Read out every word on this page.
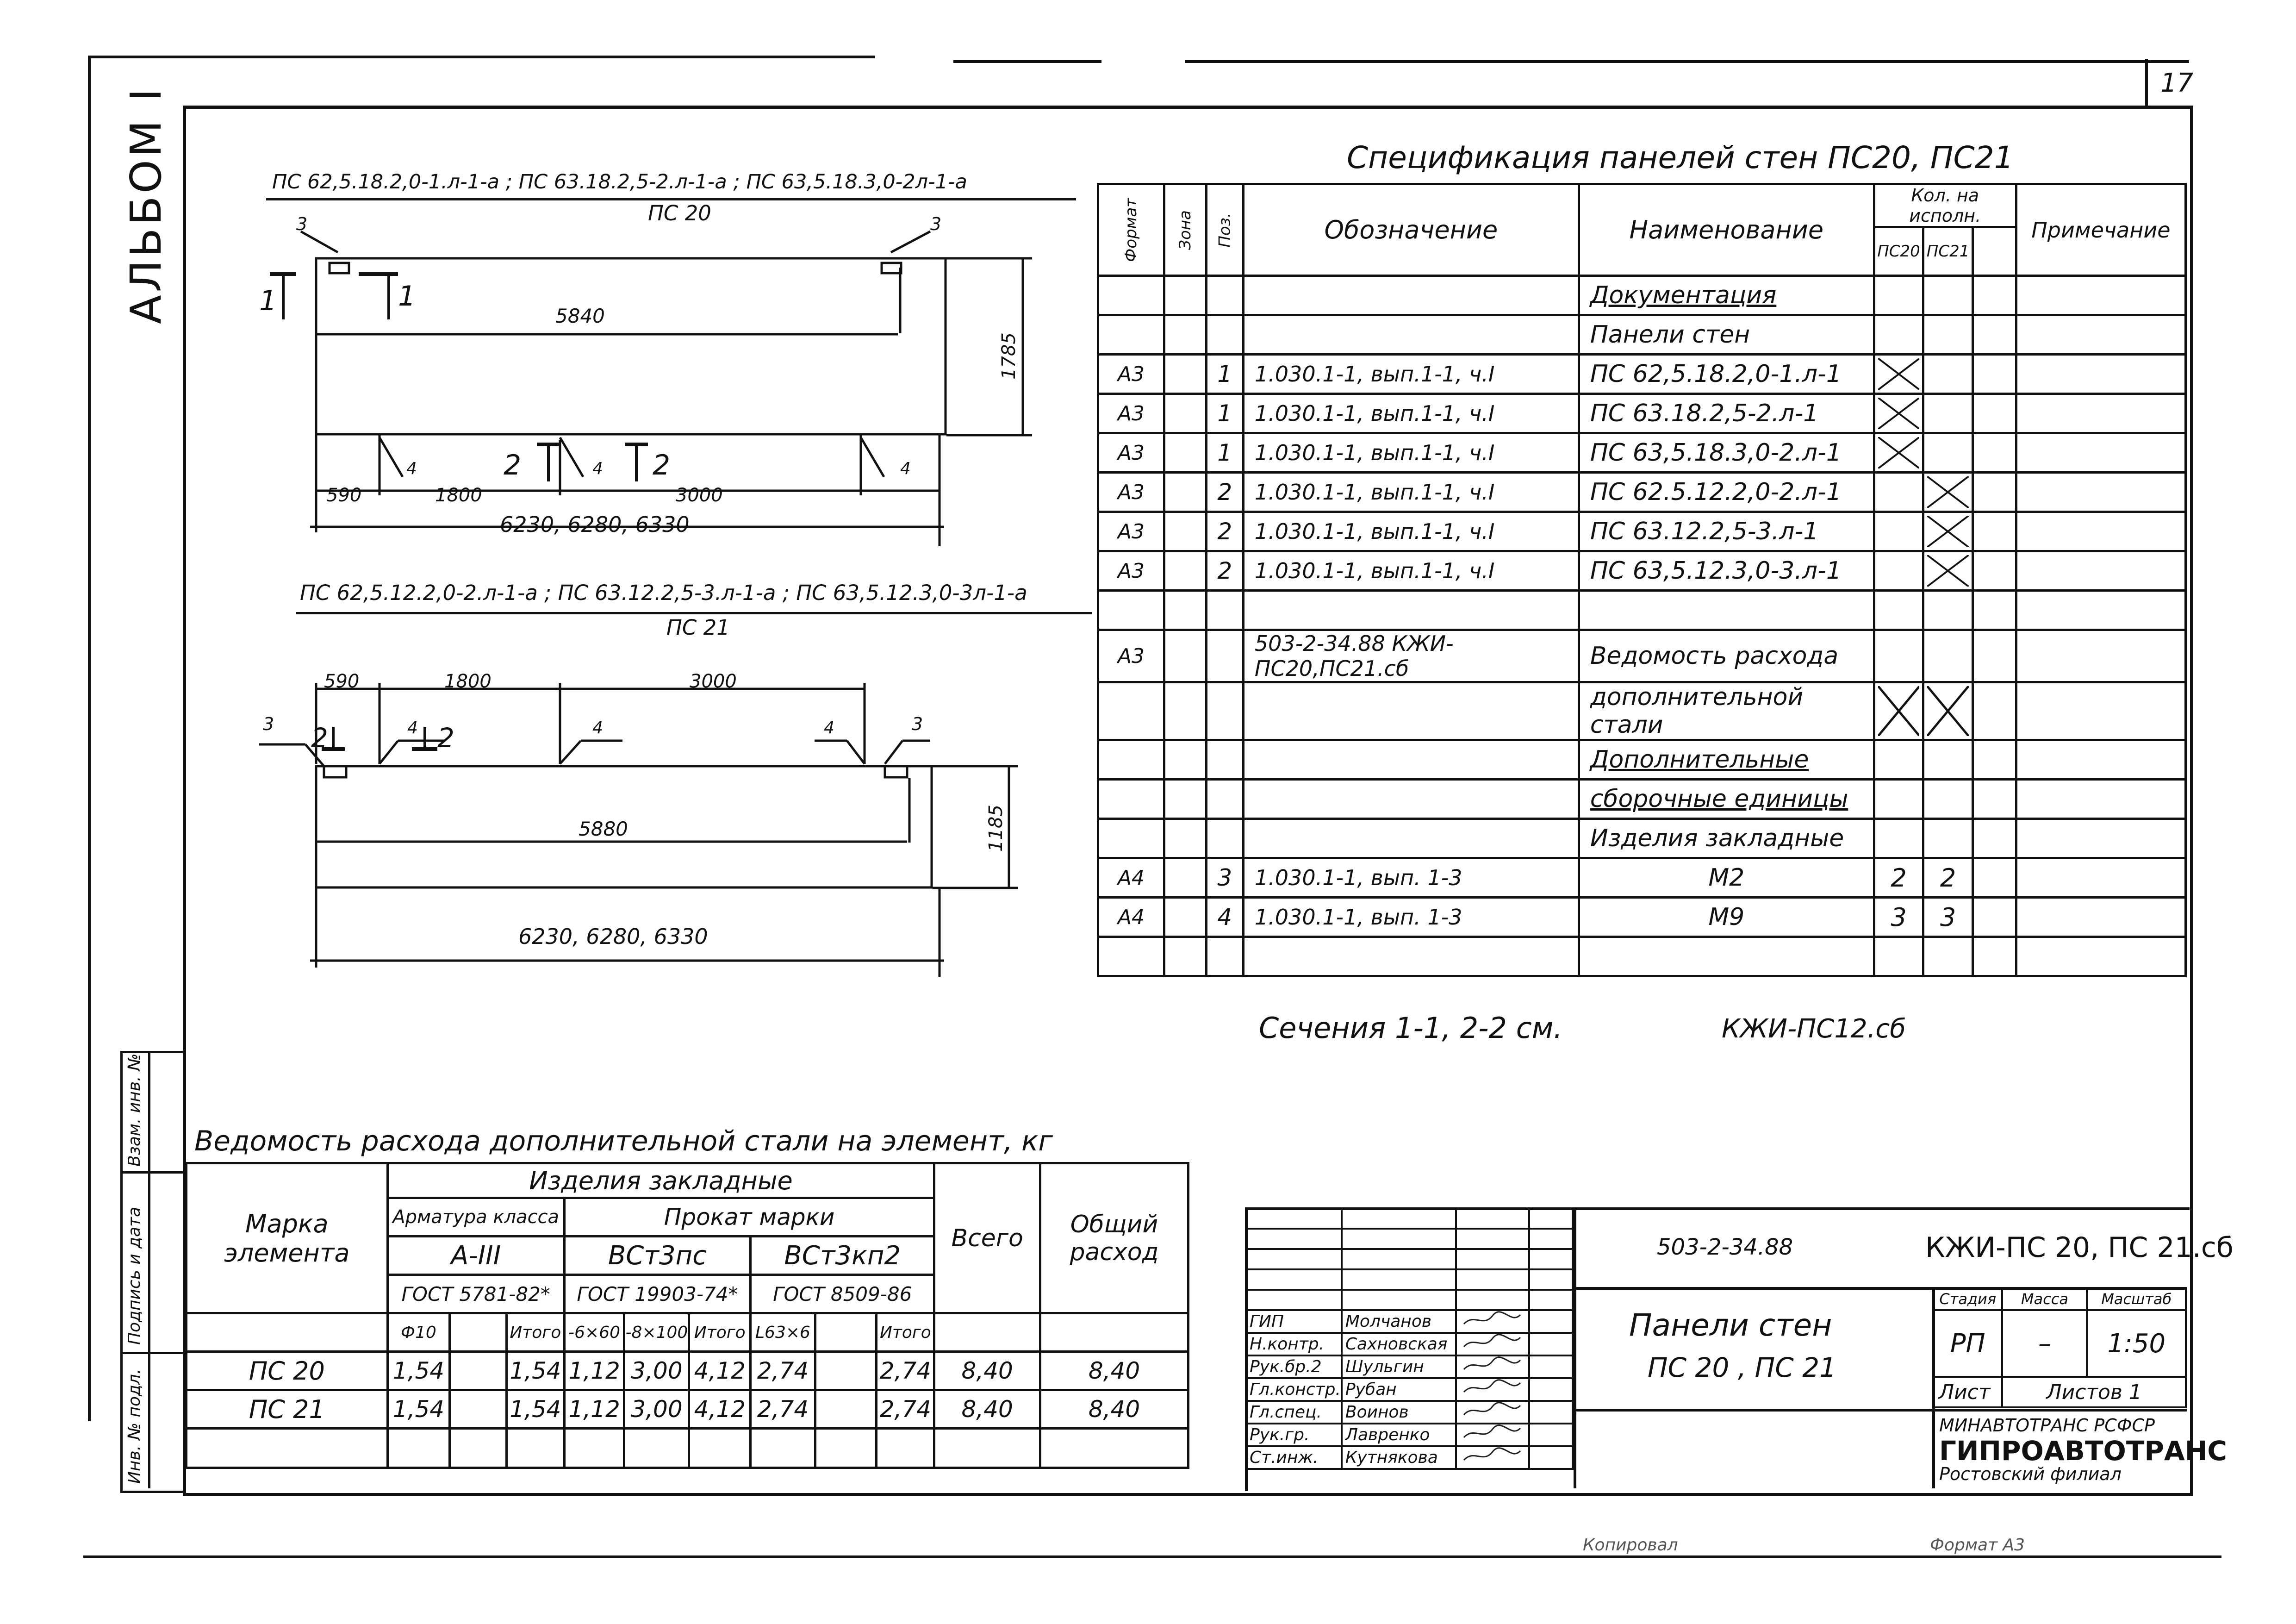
17
АЛЬБОМ I	ПС 62,5.18.2,0-1.л-1-а ; ПС 63.18.2,5-2.л-1-а ; ПС 63,5.18.3,0-2л-1-а
ПС 20
3	3
1	1
5840
1785
2	2
4	4	4
590	1800	3000
6230, 6280, 6330
ПС 62,5.12.2,0-2.л-1-а ; ПС 63.12.2,5-3.л-1-а ; ПС 63,5.12.3,0-3л-1-а
ПС 21
590	1800	3000
3 2	2
4	4	4	3
5880	1185
6230, 6280, 6330
Спецификация панелей стен ПС20, ПС21
Формат	Зона	Поз.	Обозначение	Наименование	Кол. на исполн.			Примечание
					ПС20	ПС21		
				Документация				
				Панели стен				
А3		1	1.030.1-1, вып.1-1, ч.I	ПС 62,5.18.2,0-1.л-1	

А3		1	1.030.1-1, вып.1-1, ч.I	ПС 63.18.2,5-2.л-1	

А3		1	1.030.1-1, вып.1-1, ч.I	ПС 63,5.18.3,0-2.л-1	

А3		2	1.030.1-1, вып.1-1, ч.I	ПС 62.5.12.2,0-2.л-1		

А3		2	1.030.1-1, вып.1-1, ч.I	ПС 63.12.2,5-3.л-1		

А3		2	1.030.1-1, вып.1-1, ч.I	ПС 63,5.12.3,0-3.л-1		

А3			503-2-34.88 КЖИ-ПС20,ПС21.сб	Ведомость расхода				
				дополнительной стали	

				Дополнительные				
				сборочные единицы				
				Изделия закладные				
А4		3	1.030.1-1, вып. 1-3	М2	2	2		
А4		4	1.030.1-1, вып. 1-3	М9	3	3		

Сечения 1-1, 2-2 см.	КЖИ-ПС12.сб
Инв. № подл.
Подпись и дата
Взам. инв. № Ведомость расхода дополнительной стали на элемент, кг
Марка элемента	Изделия закладные									Всего	Общий расход
	Арматура класса			Прокат марки							
	А-III			ВСт3пс			ВСт3кп2				
	ГОСТ 5781-82*			ГОСТ 19903-74*			ГОСТ 8509-86				
	Ф10		Итого	-6×60	-8×100	Итого	L63×6		Итого		
ПС 20	1,54		1,54	1,12	3,00	4,12	2,74		2,74	8,40	8,40
ПС 21	1,54		1,54	1,12	3,00	4,12	2,74		2,74	8,40	8,40

ГИП	Молчанов		
Н.контр.	Сахновская		
Рук.бр.2	Шульгин		
Гл.констр.	Рубан		
Гл.спец.	Воинов		
Рук.гр.	Лавренко		
Ст.инж.	Кутнякова		
503-2-34.88	КЖИ-ПС 20, ПС 21.сб
Панели стен
ПС 20 , ПС 21
Стадия	Масса	Масштаб
РП	–	1:50
Лист	Листов 1	
МИНАВТОТРАНС РСФСР
ГИПРОАВТОТРАНС
Ростовский филиал
Копировал	Формат А3
